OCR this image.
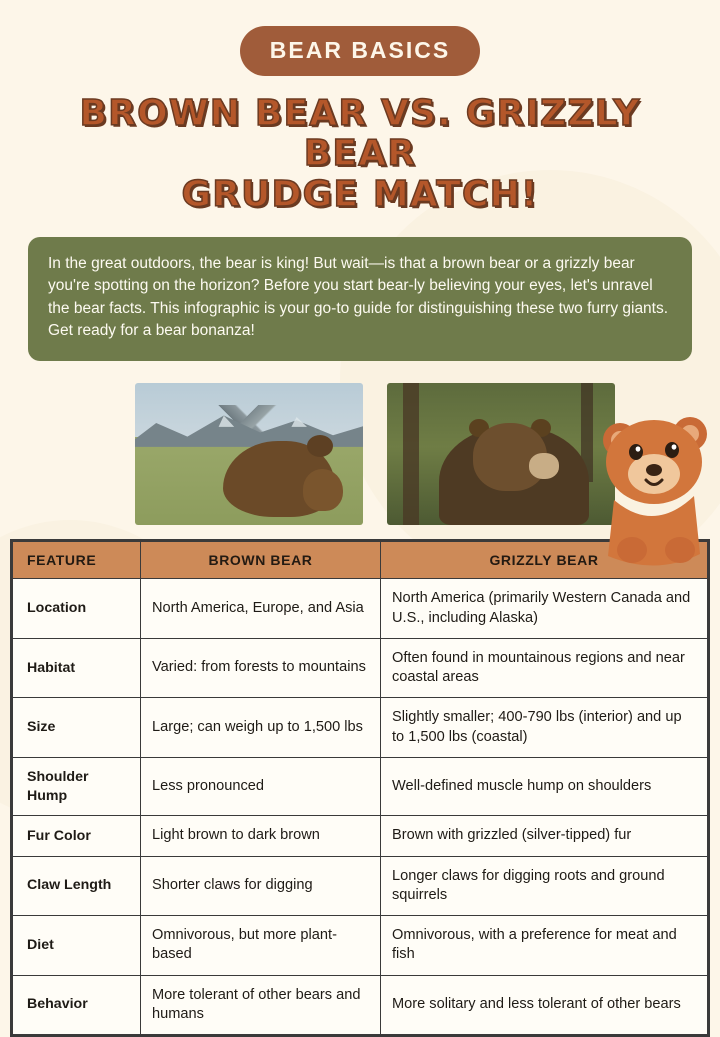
BEAR BASICS
BROWN BEAR VS. GRIZZLY BEAR
GRUDGE MATCH!
In the great outdoors, the bear is king! But wait—is that a brown bear or a grizzly bear you're spotting on the horizon? Before you start bear-ly believing your eyes, let's unravel the bear facts. This infographic is your go-to guide for distinguishing these two furry giants. Get ready for a bear bonanza!
FEATURE	BROWN BEAR	GRIZZLY BEAR
Location	North America, Europe, and Asia	North America (primarily Western Canada and U.S., including Alaska)
Habitat	Varied: from forests to mountains	Often found in mountainous regions and near coastal areas
Size	Large; can weigh up to 1,500 lbs	Slightly smaller; 400-790 lbs (interior) and up to 1,500 lbs (coastal)
Shoulder Hump	Less pronounced	Well-defined muscle hump on shoulders
Fur Color	Light brown to dark brown	Brown with grizzled (silver-tipped) fur
Claw Length	Shorter claws for digging	Longer claws for digging roots and ground squirrels
Diet	Omnivorous, but more plant-based	Omnivorous, with a preference for meat and fish
Behavior	More tolerant of other bears and humans	More solitary and less tolerant of other bears
